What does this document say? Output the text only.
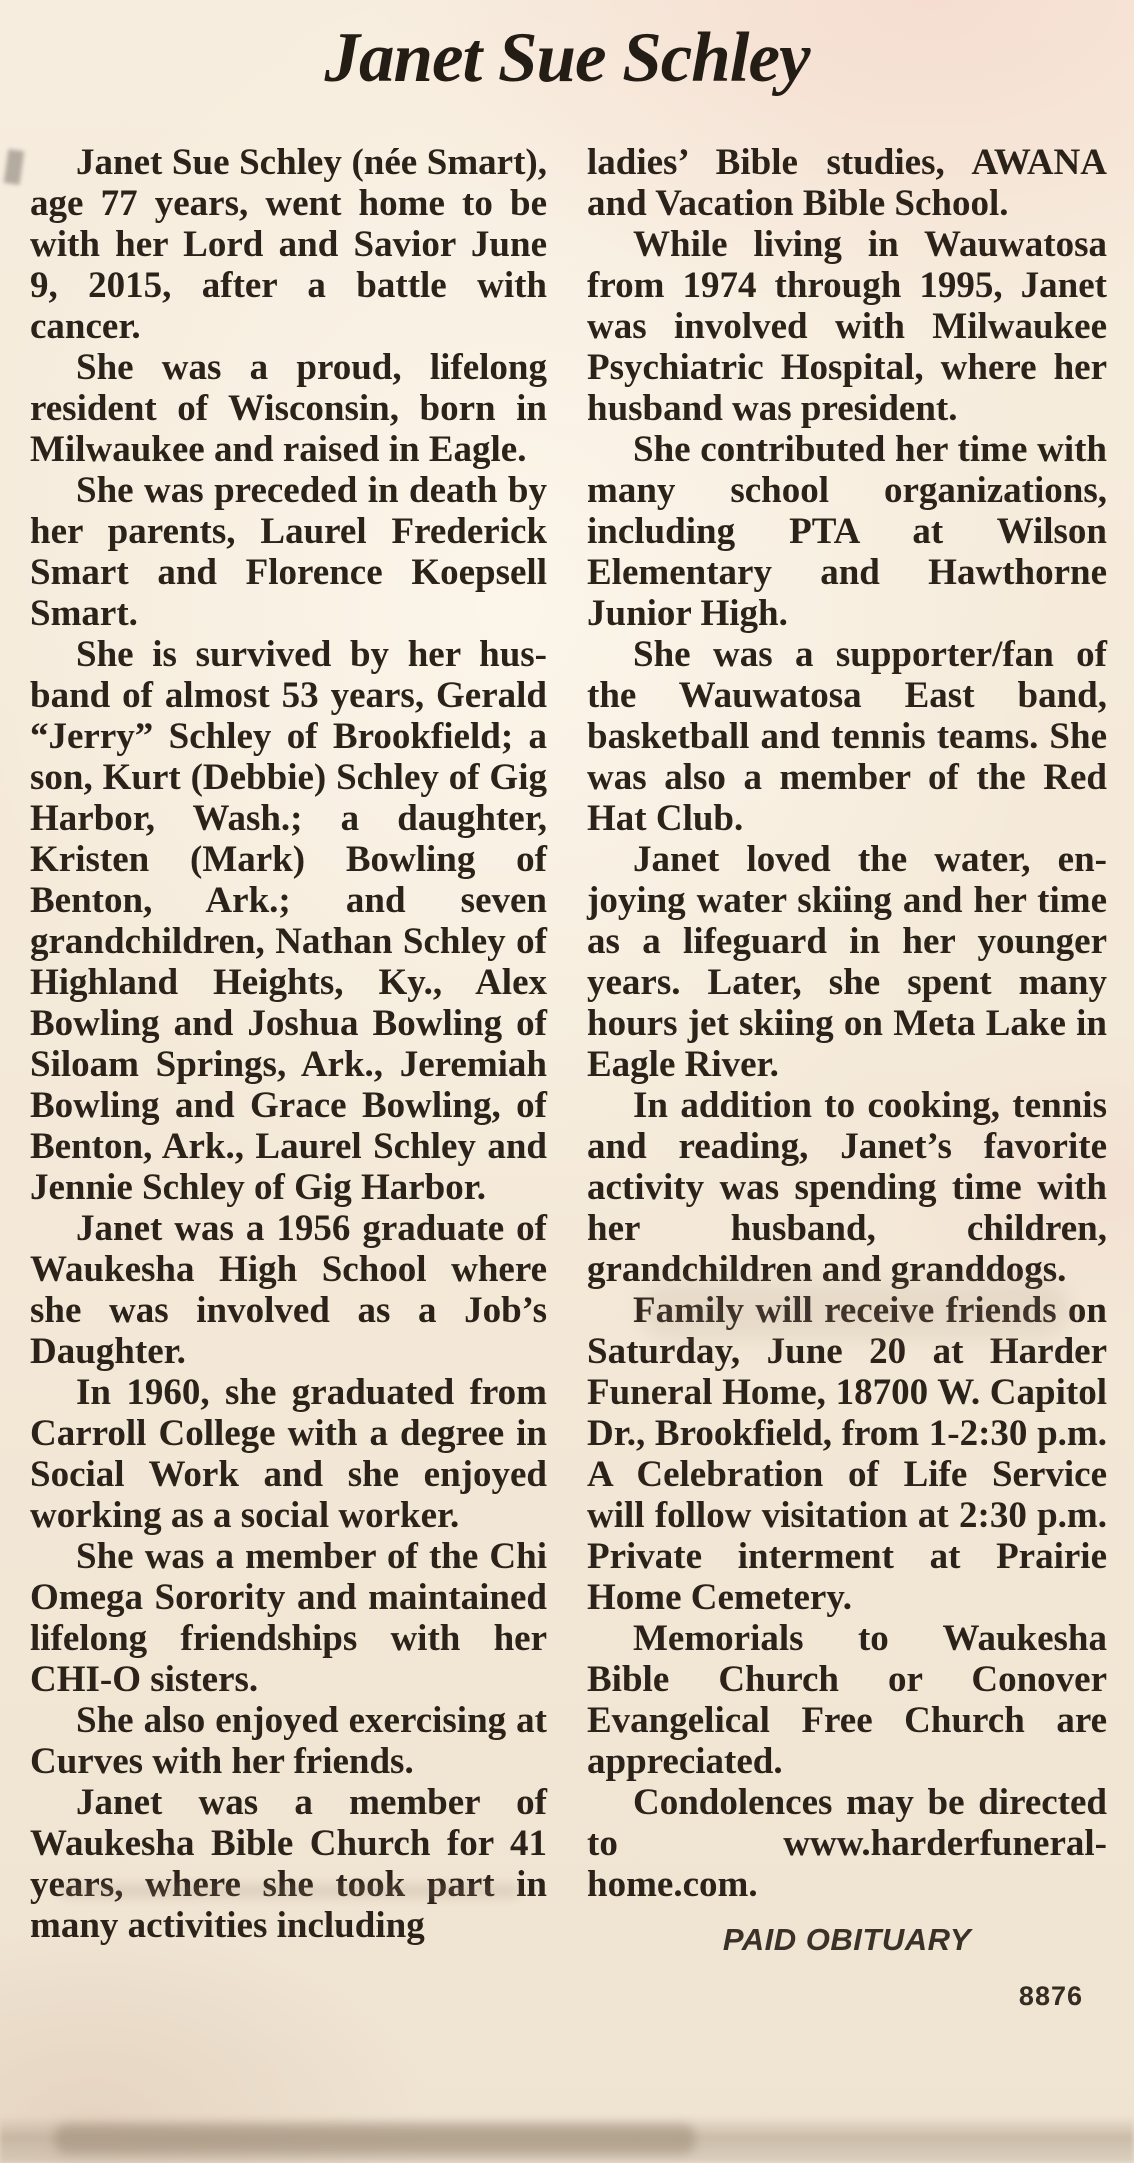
Janet Sue Schley

Janet Sue Schley (née Smart), age 77 years, went home to be with her Lord and Savior June 9, 2015, after a battle with cancer.

She was a proud, lifelong resident of Wisconsin, born in Milwaukee and raised in Eagle.

She was preceded in death by her parents, Laurel Frederick Smart and Florence Koepsell Smart.

She is survived by her husband of almost 53 years, Gerald “Jerry” Schley of Brookfield; a son, Kurt (Debbie) Schley of Gig Harbor, Wash.; a daughter, Kristen (Mark) Bowling of Benton, Ark.; and seven grandchildren, Nathan Schley of Highland Heights, Ky., Alex Bowling and Joshua Bowling of Siloam Springs, Ark., Jeremiah Bowling and Grace Bowling, of Benton, Ark., Laurel Schley and Jennie Schley of Gig Harbor.

Janet was a 1956 graduate of Waukesha High School where she was involved as a Job’s Daughter.

In 1960, she graduated from Carroll College with a degree in Social Work and she enjoyed working as a social worker.

She was a member of the Chi Omega Sorority and maintained lifelong friendships with her CHI-O sisters.

She also enjoyed exercising at Curves with her friends.

Janet was a member of Waukesha Bible Church for 41 years, where she took part in many activities including

ladies’ Bible studies, AWANA and Vacation Bible School.

While living in Wauwatosa from 1974 through 1995, Janet was involved with Milwaukee Psychiatric Hospital, where her husband was president.

She contributed her time with many school organizations, including PTA at Wilson Elementary and Hawthorne Junior High.

She was a supporter/fan of the Wauwatosa East band, basketball and tennis teams. She was also a member of the Red Hat Club.

Janet loved the water, enjoying water skiing and her time as a lifeguard in her younger years. Later, she spent many hours jet skiing on Meta Lake in Eagle River.

In addition to cooking, tennis and reading, Janet’s favorite activity was spending time with her husband, children, grandchildren and granddogs.

Family will receive friends on Saturday, June 20 at Harder Funeral Home, 18700 W. Capitol Dr., Brookfield, from 1-2:30 p.m. A Celebration of Life Service will follow visitation at 2:30 p.m. Private interment at Prairie Home Cemetery.

Memorials to Waukesha Bible Church or Conover Evangelical Free Church are appreciated.

Condolences may be directed to www.harderfuneralhome.com.

PAID OBITUARY
8876
